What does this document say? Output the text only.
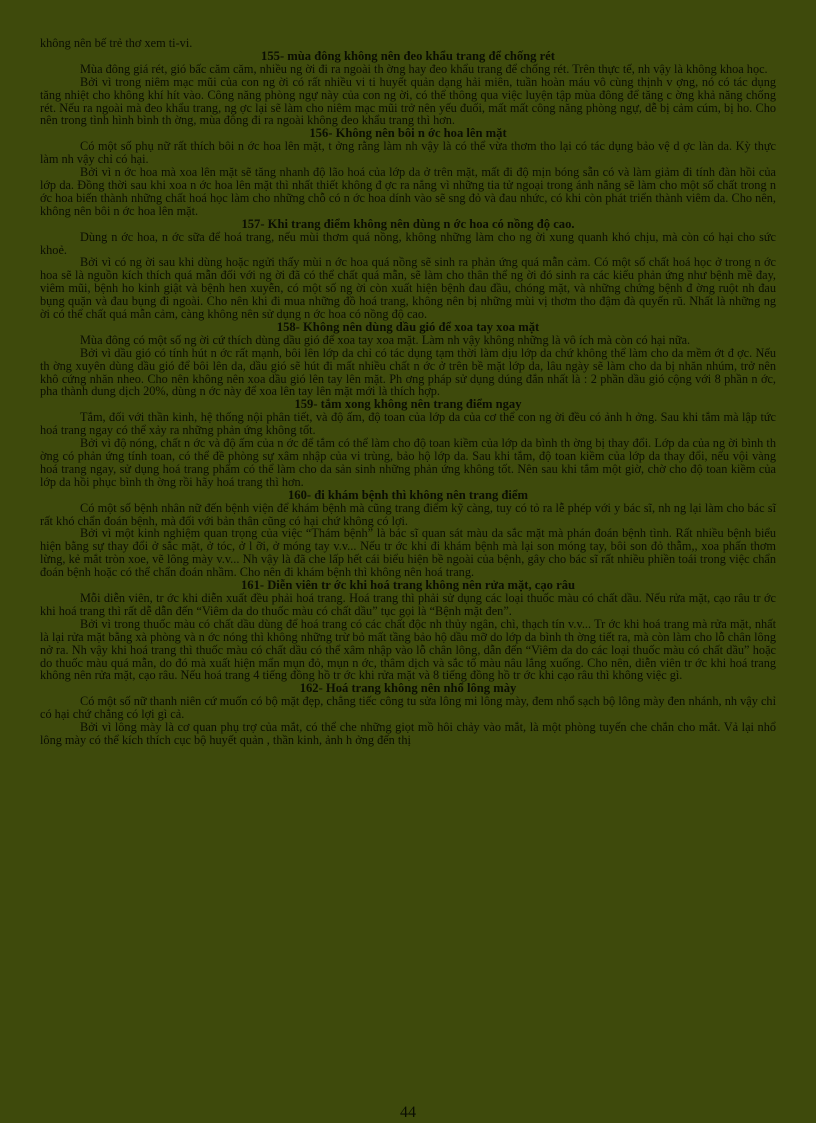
không nên bế trẻ thơ xem ti-vi.

155- mùa đông không nên đeo khẩu trang để chống rét

Mùa đông giá rét, gió bấc căm căm, nhiều ng ời đi ra ngoài th ờng hay đeo khẩu trang để chống rét. Trên thực tế, nh vậy là không khoa học.

Bởi vì trong niêm mạc mũi của con ng ời có rất nhiều vi ti huyết quản dạng hải miên, tuần hoàn máu vô cùng thịnh v ợng, nó có tác dụng tăng nhiệt cho không khí hít vào. Công năng phòng ngự này của con ng ời, có thể thông qua việc luyện tập mùa đông để tăng c ờng khả năng chống rét. Nếu ra ngoài mà đeo khẩu trang, ng ợc lại sẽ làm cho niêm mạc mũi trở nên yếu đuối, mất mất công năng phòng ngự, dễ bị cảm cúm, bị ho. Cho nên trong tình hình bình th ờng, mùa đông đi ra ngoài không đeo khẩu trang thì hơn.

156- Không nên bôi n ớc hoa lên mặt

Có một số phụ nữ rất thích bôi n ớc hoa lên mặt, t ởng rằng làm nh vậy là có thể vừa thơm tho lại có tác dụng bảo vệ d ợc làn da. Kỳ thực làm nh vậy chỉ có hại.

Bởi vì n ớc hoa mà xoa lên mặt sẽ tăng nhanh độ lão hoá của lớp da ở trên mặt, mất đi độ mịn bóng sẵn có và làm giảm đi tính đàn hồi của lớp da. Đồng thời sau khi xoa n ớc hoa lên mặt thì nhất thiết không đ ợc ra nắng vì những tia tử ngoại trong ánh nắng sẽ làm cho một số chất trong n ớc hoa biến thành những chất hoá học làm cho những chỗ có n ớc hoa dính vào sẽ sng đỏ và đau nhức, có khi còn phát triển thành viêm da. Cho nên, không nên bôi n ớc hoa lên mặt.

157- Khi trang điểm không nên dùng n ớc hoa có nồng độ cao.

Dùng n ớc hoa, n ớc sữa để hoá trang, nếu mùi thơm quá nồng, không những làm cho ng ời xung quanh khó chịu, mà còn có hại cho sức khoẻ.

Bởi vì có ng ời sau khi dùng hoặc ngửi thấy mùi n ớc hoa quá nồng sẽ sinh ra phản ứng quá mẫn cảm. Có một số chất hoá học ở trong n ớc hoa sẽ là nguồn kích thích quá mẫn đối với ng ời đã có thể chất quá mẫn, sẽ làm cho thân thể ng ời đó sinh ra các kiểu phản ứng như bệnh mề đay, viêm mũi, bệnh ho kinh giật và bệnh hen xuyễn, có một số ng ời còn xuất hiện bệnh đau đầu, chóng mặt, và những chứng bệnh đ ờng ruột nh đau bụng quặn và đau bụng đi ngoài. Cho nên khi đi mua những đồ hoá trang, không nên bị những mùi vị thơm tho đậm đà quyến rũ. Nhất là những ng ời có thể chất quá mẫn cảm, càng không nên sử dụng n ớc hoa có nồng độ cao.

158- Không nên dùng dầu gió để xoa tay xoa mặt

Mùa đông có một số ng ời cứ thích dùng dầu gió để xoa tay xoa mặt. Làm nh vậy không những là vô ích mà còn có hại nữa.

Bởi vì dầu gió có tính hút n ớc rất mạnh, bôi lên lớp da chỉ có tác dụng tạm thời làm dịu lớp da chứ không thể làm cho da mềm ớt đ ợc. Nếu th ờng xuyên dùng dầu gió để bôi lên da, dầu gió sẽ hút đi mất nhiều chất n ớc ở trên bề mặt lớp da, lâu ngày sẽ làm cho da bị nhăn nhúm, trở nên khô cứng nhăn nheo. Cho nên không nên xoa dầu gió lên tay lên mặt. Ph ơng pháp sử dụng dúng đắn nhất là : 2 phần dầu gió cộng với 8 phần n ớc, pha thành dung dịch 20%, dùng n ớc này để xoa lên tay lên mặt mới là thích hợp.

159- tắm xong không nên trang điểm ngay

Tắm, đối với thần kinh, hệ thống nội phân tiết, và độ ấm, độ toan của lớp da của cơ thể con ng ời đều có ảnh h ởng. Sau khi tắm mà lập tức hoá trang ngay có thể xảy ra những phản ứng không tốt.

Bởi vì độ nóng, chất n ớc và độ ấm của n ớc để tắm có thể làm cho độ toan kiềm của lớp da bình th ờng bị thay đổi. Lớp da của ng ời bình th ờng có phản ứng tính toan, có thể đề phòng sự xâm nhập của vi trùng, bảo hộ lớp da. Sau khi tắm, độ toan kiềm của lớp da thay đổi, nếu vội vàng hoá trang ngay, sử dụng hoá trang phẩm có thể làm cho da sản sinh những phản ứng không tốt. Nên sau khi tắm một giờ, chờ cho độ toan kiềm của lớp da hồi phục bình th ờng rồi hãy hoá trang thì hơn.

160- đi khám bệnh thì không nên trang điểm

Có một số bệnh nhân nữ đến bệnh viện để khám bệnh mà cũng trang điểm kỹ càng, tuy có tỏ ra lễ phép với y bác sĩ, nh ng lại làm cho bác sĩ rất khó chẩn đoán bệnh, mà đối với bản thân cũng có hại chứ không có lợi.

Bởi vì một kinh nghiệm quan trọng của việc “Thám bệnh” là bác sĩ quan sát màu da sắc mặt mà phán đoán bệnh tình. Rất nhiều bệnh biểu hiện bằng sự thay đổi ở sắc mặt, ở tóc, ở l ỡi, ở móng tay v.v... Nếu tr ớc khi đi khám bệnh mà lại son móng tay, bôi son đỏ thẫm,, xoa phấn thơm lừng, kẻ mắt tròn xoe, vẽ lông mày v.v... Nh vậy là đã che lấp hết cái biểu hiện bề ngoài của bệnh, gây cho bác sĩ rất nhiều phiền toái trong việc chẩn đoán bệnh hoặc có thể chẩn đoán nhầm. Cho nên đi khám bệnh thì không nên hoá trang.

161- Diễn viên tr ớc khi hoá trang không nên rửa mặt, cạo râu

Mỗi diễn viên, tr ớc khi diễn xuất đều phải hoá trang. Hoá trang thì phải sử dụng các loại thuốc màu có chất dầu. Nếu rửa mặt, cạo râu tr ớc khi hoá trang thì rất dễ dẫn đến “Viêm da do thuốc màu có chất dầu” tục gọi là “Bệnh mặt đen”.

Bởi vì trong thuốc màu có chất dầu dùng để hoá trang có các chất độc nh thủy ngân, chì, thạch tín v.v... Tr ớc khi hoá trang mà rửa mặt, nhất là lại rửa mặt bằng xà phòng và n ớc nóng thì không những trừ bỏ mất tầng bảo hộ dầu mỡ do lớp da bình th ờng tiết ra, mà còn làm cho lỗ chân lông nở ra. Nh vậy khi hoá trang thì thuốc màu có chất dầu có thể xâm nhập vào lỗ chân lông, dẫn đến “Viêm da do các loại thuốc màu có chất dầu” hoặc do thuốc màu quá mẫn, do đó mà xuất hiện mẩn mụn đỏ, mụn n ớc, thâm dịch và sắc tố màu nâu lắng xuống. Cho nên, diễn viên tr ớc khi hoá trang không nên rửa mặt, cạo râu. Nếu hoá trang 4 tiếng đồng hồ tr ớc khi rửa mặt và 8 tiếng đồng hồ tr ớc khi cạo râu thì không việc gì.

162- Hoá trang không nên nhổ lông mày

Có một số nữ thanh niên cứ muốn có bộ mặt đẹp, chẳng tiếc công tu sửa lông mi lông mày, đem nhổ sạch bộ lông mày đen nhánh, nh vậy chỉ có hại chứ chẳng có lợi gì cả.

Bởi vì lông mày là cơ quan phụ trợ của mắt, có thể che những giọt mồ hôi chảy vào mắt, là một phòng tuyến che chắn cho mắt. Vả lại nhổ lông mày có thể kích thích cục bộ huyết quản , thần kinh, ảnh h ởng đến thị

44
